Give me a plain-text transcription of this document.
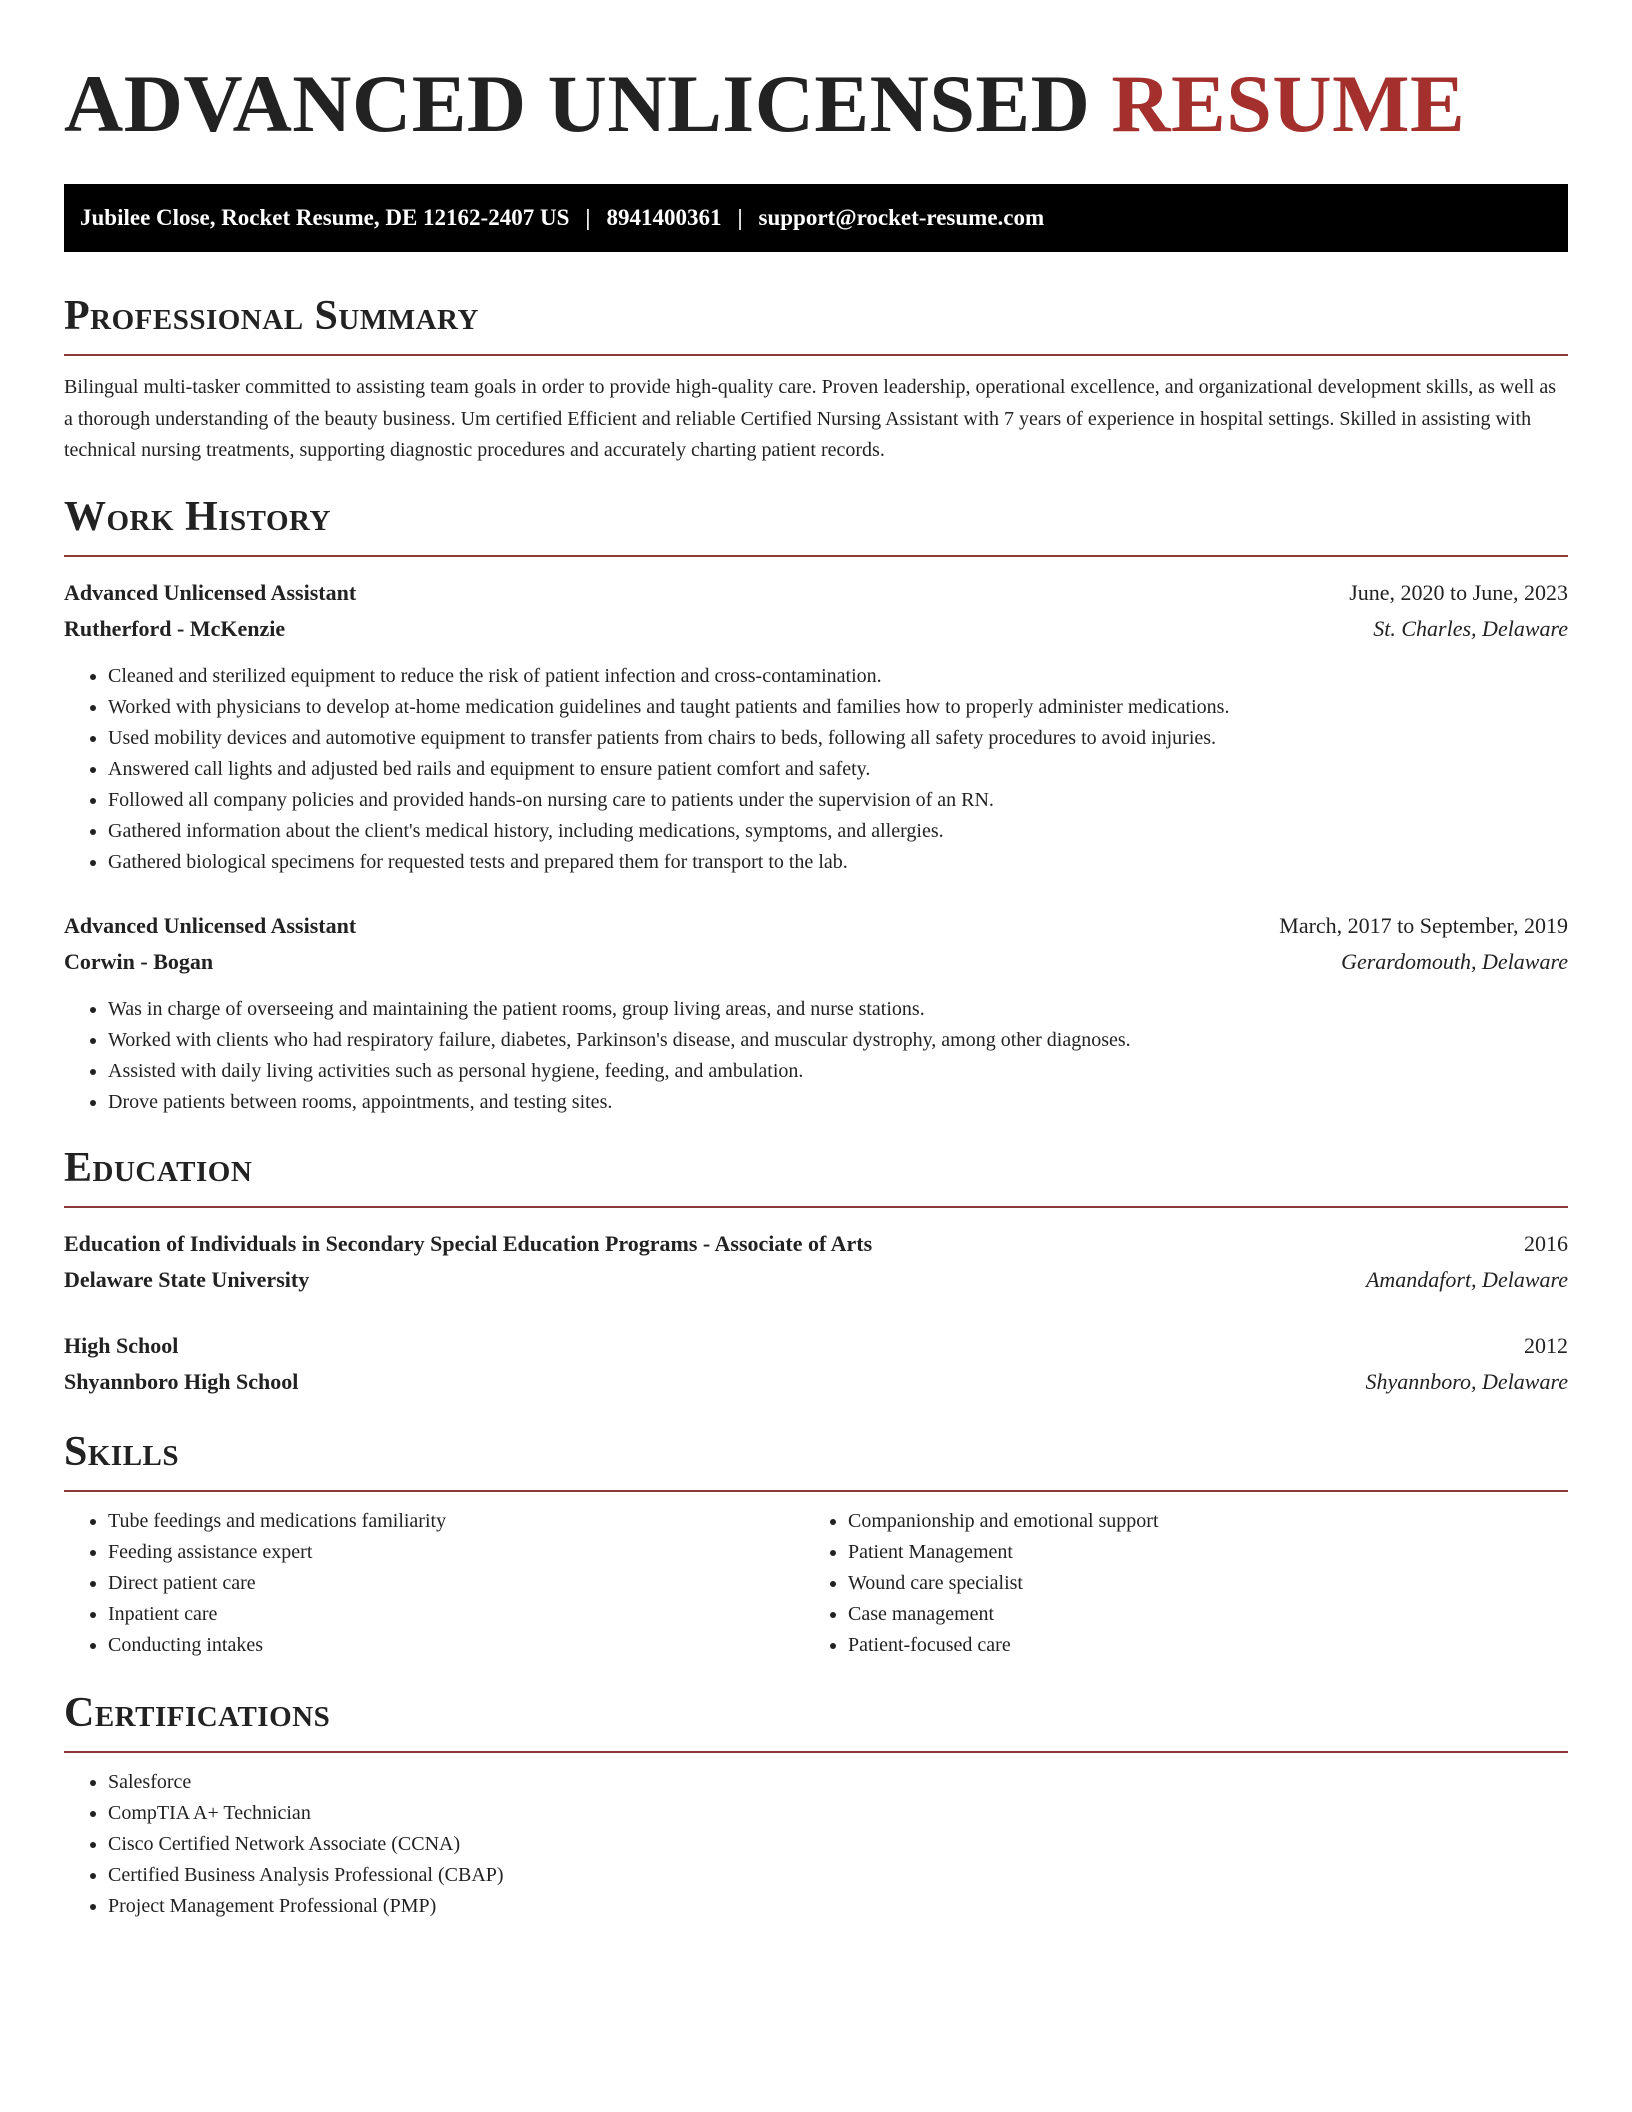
ADVANCED UNLICENSED RESUME
Jubilee Close, Rocket Resume, DE 12162-2407 US | 8941400361 | support@rocket-resume.com
Professional Summary

Bilingual multi-tasker committed to assisting team goals in order to provide high-quality care. Proven leadership, operational excellence, and organizational development skills, as well as a thorough understanding of the beauty business. Um certified Efficient and reliable Certified Nursing Assistant with 7 years of experience in hospital settings. Skilled in assisting with technical nursing treatments, supporting diagnostic procedures and accurately charting patient records.

Work History
Advanced Unlicensed Assistant	June, 2020 to June, 2023
Rutherford - McKenzie	St. Charles, Delaware
• Cleaned and sterilized equipment to reduce the risk of patient infection and cross-contamination.
• Worked with physicians to develop at-home medication guidelines and taught patients and families how to properly administer medications.
• Used mobility devices and automotive equipment to transfer patients from chairs to beds, following all safety procedures to avoid injuries.
• Answered call lights and adjusted bed rails and equipment to ensure patient comfort and safety.
• Followed all company policies and provided hands-on nursing care to patients under the supervision of an RN.
• Gathered information about the client's medical history, including medications, symptoms, and allergies.
• Gathered biological specimens for requested tests and prepared them for transport to the lab.
Advanced Unlicensed Assistant	March, 2017 to September, 2019
Corwin - Bogan	Gerardomouth, Delaware
• Was in charge of overseeing and maintaining the patient rooms, group living areas, and nurse stations.
• Worked with clients who had respiratory failure, diabetes, Parkinson's disease, and muscular dystrophy, among other diagnoses.
• Assisted with daily living activities such as personal hygiene, feeding, and ambulation.
• Drove patients between rooms, appointments, and testing sites.
Education
Education of Individuals in Secondary Special Education Programs - Associate of Arts	2016
Delaware State University	Amandafort, Delaware
High School	2012
Shyannboro High School	Shyannboro, Delaware
Skills
• Tube feedings and medications familiarity
• Feeding assistance expert
• Direct patient care
• Inpatient care
• Conducting intakes
• Companionship and emotional support
• Patient Management
• Wound care specialist
• Case management
• Patient-focused care
Certifications
• Salesforce
• CompTIA A+ Technician
• Cisco Certified Network Associate (CCNA)
• Certified Business Analysis Professional (CBAP)
• Project Management Professional (PMP)
